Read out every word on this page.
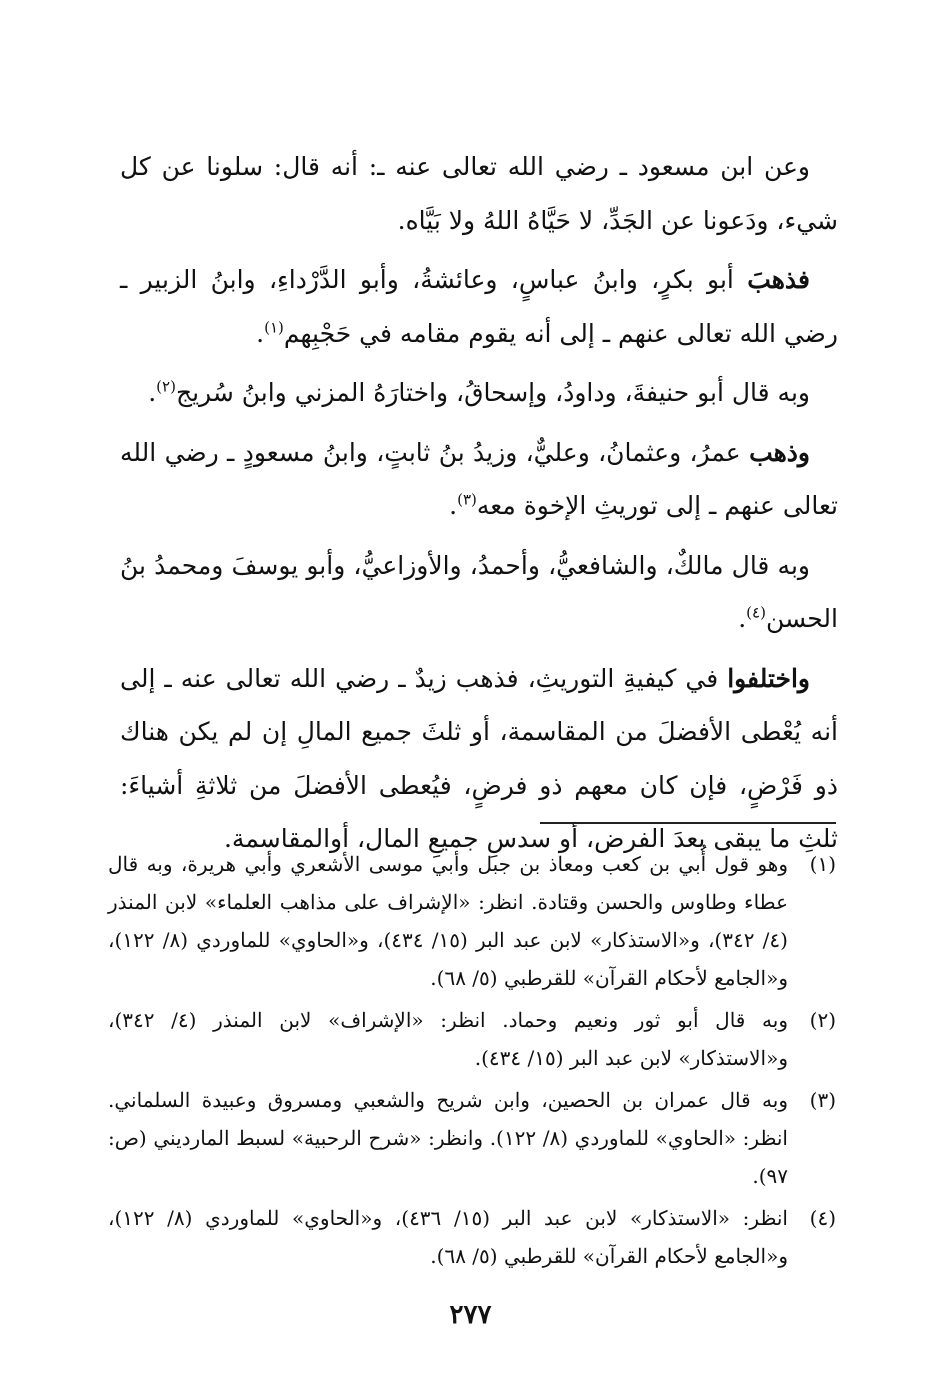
وعن ابن مسعود ـ رضي الله تعالى عنه ـ: أنه قال: سلونا عن كل شيء، ودَعونا عن الجَدِّ، لا حَيَّاهُ اللهُ ولا بَيَّاه.

فذهبَ أبو بكرٍ، وابنُ عباسٍ، وعائشةُ، وأبو الدَّرْداءِ، وابنُ الزبير ـ رضي الله تعالى عنهم ـ إلى أنه يقوم مقامه في حَجْبِهم$^{(١)}$.

وبه قال أبو حنيفةَ، وداودُ، وإسحاقُ، واختارَهُ المزني وابنُ سُريج$^{(٢)}$.

وذهب عمرُ، وعثمانُ، وعليٌّ، وزيدُ بنُ ثابتٍ، وابنُ مسعودٍ ـ رضي الله تعالى عنهم ـ إلى توريثِ الإخوة معه$^{(٣)}$.

وبه قال مالكٌ، والشافعيُّ، وأحمدُ، والأوزاعيُّ، وأبو يوسفَ ومحمدُ بنُ الحسن$^{(٤)}$.

واختلفوا في كيفيةِ التوريثِ، فذهب زيدٌ ـ رضي الله تعالى عنه ـ إلى أنه يُعْطى الأفضلَ من المقاسمة، أو ثلثَ جميع المالِ إن لم يكن هناك ذو فَرْضٍ، فإن كان معهم ذو فرضٍ، فيُعطى الأفضلَ من ثلاثةِ أشياءَ: ثلثِ ما يبقى بعدَ الفرض، أو سدسِ جميعِ المال، أوالمقاسمة.

(١)
وهو قول أُبي بن كعب ومعاذ بن جبل وأبي موسى الأشعري وأبي هريرة، وبه قال عطاء وطاوس والحسن وقتادة. انظر: «الإشراف على مذاهب العلماء» لابن المنذر (٤/ ٣٤٢)، و«الاستذكار» لابن عبد البر (١٥/ ٤٣٤)، و«الحاوي» للماوردي (٨/ ١٢٢)، و«الجامع لأحكام القرآن» للقرطبي (٥/ ٦٨).
(٢)
وبه قال أبو ثور ونعيم وحماد. انظر: «الإشراف» لابن المنذر (٤/ ٣٤٢)، و«الاستذكار» لابن عبد البر (١٥/ ٤٣٤).
(٣)
وبه قال عمران بن الحصين، وابن شريح والشعبي ومسروق وعبيدة السلماني. انظر: «الحاوي» للماوردي (٨/ ١٢٢). وانظر: «شرح الرحبية» لسبط المارديني (ص: ٩٧).
(٤)
انظر: «الاستذكار» لابن عبد البر (١٥/ ٤٣٦)، و«الحاوي» للماوردي (٨/ ١٢٢)، و«الجامع لأحكام القرآن» للقرطبي (٥/ ٦٨).
٢٧٧
